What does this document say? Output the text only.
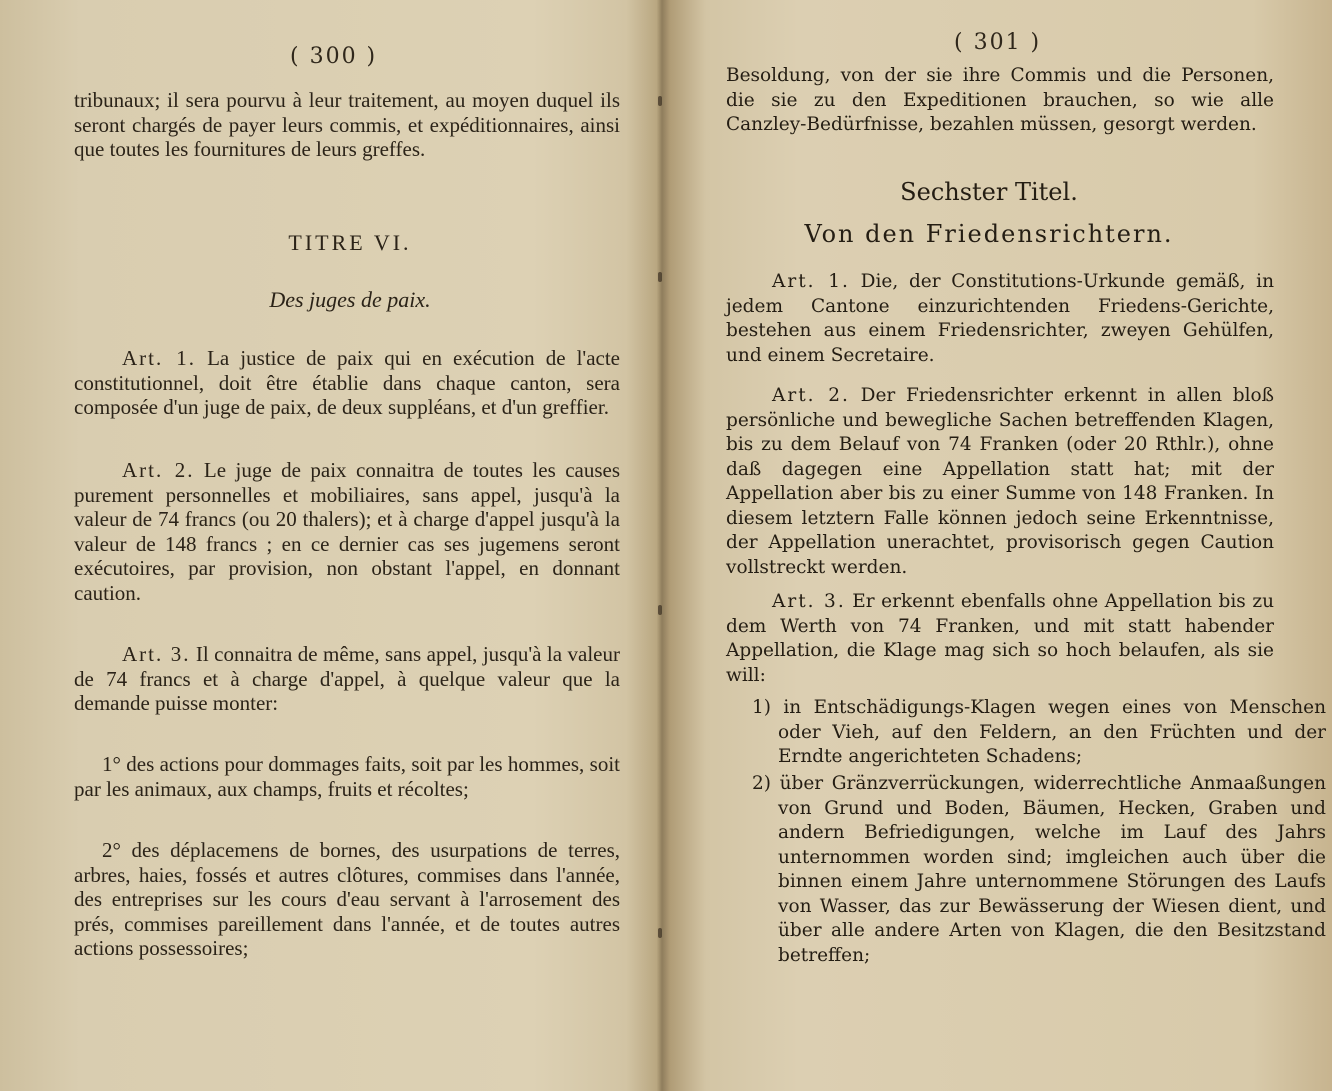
( 300 )
tribunaux; il sera pourvu à leur traitement, au moyen duquel ils seront chargés de payer leurs commis, et expéditionnaires, ainsi que toutes les fournitures de leurs greffes.
TITRE VI.
Des juges de paix.
Art. 1. La justice de paix qui en exécution de l'acte constitutionnel, doit être établie dans chaque canton, sera composée d'un juge de paix, de deux suppléans, et d'un greffier.
Art. 2. Le juge de paix connaitra de toutes les causes purement personnelles et mobiliaires, sans appel, jusqu'à la valeur de 74 francs (ou 20 thalers); et à charge d'appel jusqu'à la valeur de 148 francs ; en ce dernier cas ses jugemens seront exécutoires, par provision, non obstant l'appel, en donnant caution.
Art. 3. Il connaitra de même, sans appel, jusqu'à la valeur de 74 francs et à charge d'appel, à quelque valeur que la demande puisse monter:
1° des actions pour dommages faits, soit par les hommes, soit par les animaux, aux champs, fruits et récoltes;
2° des déplacemens de bornes, des usurpations de terres, arbres, haies, fossés et autres clôtures, commises dans l'année, des entreprises sur les cours d'eau servant à l'arrosement des prés, commises pareillement dans l'année, et de toutes autres actions possessoires;
( 301 )
Besoldung, von der sie ihre Commis und die Personen, die sie zu den Expeditionen brauchen, so wie alle Canzley-Bedürfnisse, bezahlen müssen, gesorgt werden.
Sechster Titel.
Von den Friedensrichtern.
Art. 1. Die, der Constitutions-Urkunde gemäß, in jedem Cantone einzurichtenden Friedens-Gerichte, bestehen aus einem Friedensrichter, zweyen Gehülfen, und einem Secretaire.
Art. 2. Der Friedensrichter erkennt in allen bloß persönliche und bewegliche Sachen betreffenden Klagen, bis zu dem Belauf von 74 Franken (oder 20 Rthlr.), ohne daß dagegen eine Appellation statt hat; mit der Appellation aber bis zu einer Summe von 148 Franken. In diesem letztern Falle können jedoch seine Erkenntnisse, der Appellation unerachtet, provisorisch gegen Caution vollstreckt werden.
Art. 3. Er erkennt ebenfalls ohne Appellation bis zu dem Werth von 74 Franken, und mit statt habender Appellation, die Klage mag sich so hoch belaufen, als sie will:
1) in Entschädigungs-Klagen wegen eines von Menschen oder Vieh, auf den Feldern, an den Früchten und der Erndte angerichteten Schadens;
2) über Gränzverrückungen, widerrechtliche Anmaaßungen von Grund und Boden, Bäumen, Hecken, Graben und andern Befriedigungen, welche im Lauf des Jahrs unternommen worden sind; imgleichen auch über die binnen einem Jahre unternommene Störungen des Laufs von Wasser, das zur Bewässerung der Wiesen dient, und über alle andere Arten von Klagen, die den Besitzstand betreffen;
